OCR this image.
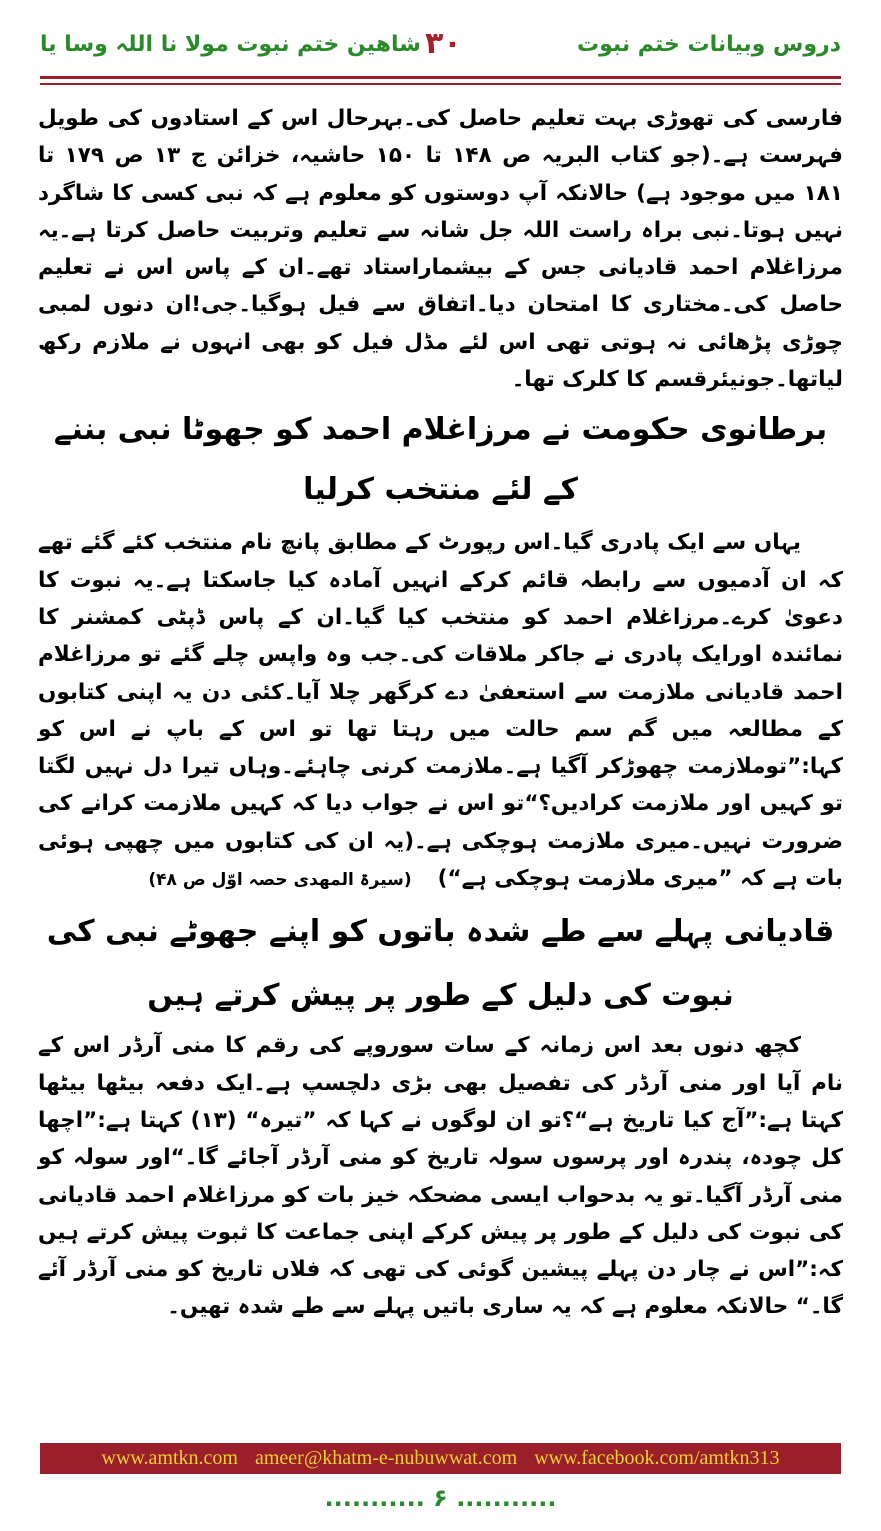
دروس وبیانات ختم نبوت
۳۰
شاھین ختم نبوت مولا نا اللہ وسا یا

فارسی کی تھوڑی بہت تعلیم حاصل کی۔بہرحال اس کے استادوں کی طویل فہرست ہے۔(جو کتاب البریہ ص ۱۴۸ تا ۱۵۰ حاشیہ، خزائن ج ۱۳ ص ۱۷۹ تا ۱۸۱ میں موجود ہے) حالانکہ آپ دوستوں کو معلوم ہے کہ نبی کسی کا شاگرد نہیں ہوتا۔نبی براہ راست اللہ جل شانہ سے تعلیم وتربیت حاصل کرتا ہے۔یہ مرزاغلام احمد قادیانی جس کے بیشماراستاد تھے۔ان کے پاس اس نے تعلیم حاصل کی۔مختاری کا امتحان دیا۔اتفاق سے فیل ہوگیا۔جی!ان دنوں لمبی چوڑی پڑھائی نہ ہوتی تھی اس لئے مڈل فیل کو بھی انہوں نے ملازم رکھ لیاتھا۔جونیئرقسم کا کلرک تھا۔

برطانوی حکومت نے مرزاغلام احمد کو جھوٹا نبی بننے کے لئے منتخب کرلیا

یہاں سے ایک پادری گیا۔اس رپورٹ کے مطابق پانچ نام منتخب کئے گئے تھے کہ ان آدمیوں سے رابطہ قائم کرکے انہیں آمادہ کیا جاسکتا ہے۔یہ نبوت کا دعویٰ کرے۔مرزاغلام احمد کو منتخب کیا گیا۔ان کے پاس ڈپٹی کمشنر کا نمائندہ اورایک پادری نے جاکر ملاقات کی۔جب وہ واپس چلے گئے تو مرزاغلام احمد قادیانی ملازمت سے استعفیٰ دے کرگھر چلا آیا۔کئی دن یہ اپنی کتابوں کے مطالعہ میں گم سم حالت میں رہتا تھا تو اس کے باپ نے اس کو کہا:”توملازمت چھوڑکر آگیا ہے۔ملازمت کرنی چاہئے۔وہاں تیرا دل نہیں لگتا تو کہیں اور ملازمت کرادیں؟“تو اس نے جواب دیا کہ کہیں ملازمت کرانے کی ضرورت نہیں۔میری ملازمت ہوچکی ہے۔(یہ ان کی کتابوں میں چھپی ہوئی بات ہے کہ ”میری ملازمت ہوچکی ہے“)(سیرۃ المھدی حصہ اوّل ص ۴۸)

قادیانی پہلے سے طے شدہ باتوں کو اپنے جھوٹے نبی کی

نبوت کی دلیل کے طور پر پیش کرتے ہیں

کچھ دنوں بعد اس زمانہ کے سات سوروپے کی رقم کا منی آرڈر اس کے نام آیا اور منی آرڈر کی تفصیل بھی بڑی دلچسپ ہے۔ایک دفعہ بیٹھا بیٹھا کہتا ہے:”آج کیا تاریخ ہے“؟تو ان لوگوں نے کہا کہ ”تیرہ“ (۱۳) کہتا ہے:”اچھا کل چودہ، پندرہ اور پرسوں سولہ تاریخ کو منی آرڈر آجائے گا۔“اور سولہ کو منی آرڈر آگیا۔تو یہ بدحواب ایسی مضحکہ خیز بات کو مرزاغلام احمد قادیانی کی نبوت کی دلیل کے طور پر پیش کرکے اپنی جماعت کا ثبوت پیش کرتے ہیں کہ:”اس نے چار دن پہلے پیشین گوئی کی تھی کہ فلاں تاریخ کو منی آرڈر آئے گا۔“ حالانکہ معلوم ہے کہ یہ ساری باتیں پہلے سے طے شدہ تھیں۔

www.amtkn.com ameer@khatm-e-nubuwwat.com www.facebook.com/amtkn313
........... ۶ ...........
